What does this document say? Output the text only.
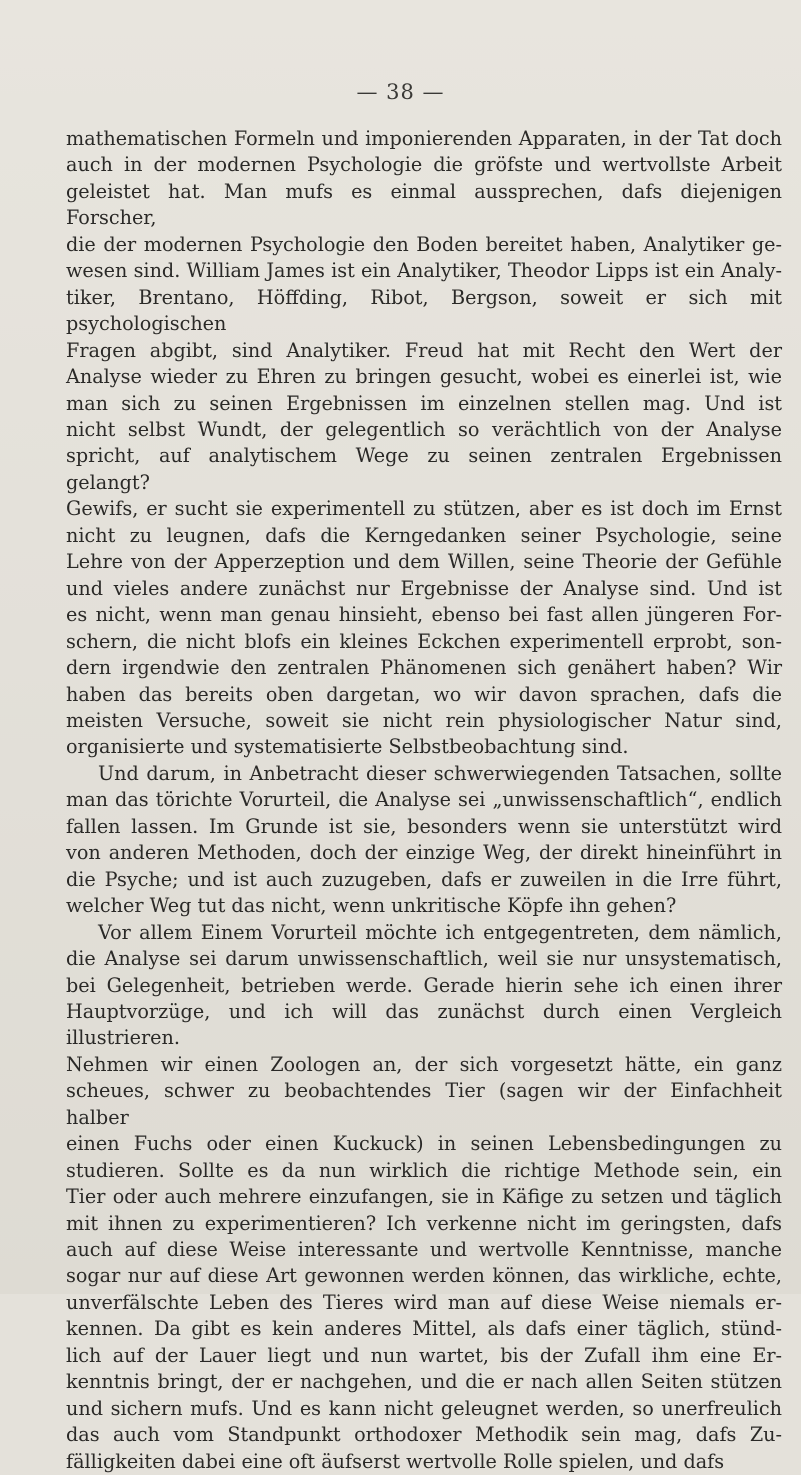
— 38 —

mathematischen Formeln und imponierenden Apparaten, in der Tat doch
auch in der modernen Psychologie die gröfste und wertvollste Arbeit
geleistet hat. Man mufs es einmal aussprechen, dafs diejenigen Forscher,
die der modernen Psychologie den Boden bereitet haben, Analytiker ge-
wesen sind. William James ist ein Analytiker, Theodor Lipps ist ein Analy-
tiker, Brentano, Höffding, Ribot, Bergson, soweit er sich mit psychologischen
Fragen abgibt, sind Analytiker. Freud hat mit Recht den Wert der
Analyse wieder zu Ehren zu bringen gesucht, wobei es einerlei ist, wie
man sich zu seinen Ergebnissen im einzelnen stellen mag. Und ist
nicht selbst Wundt, der gelegentlich so verächtlich von der Analyse
spricht, auf analytischem Wege zu seinen zentralen Ergebnissen gelangt?
Gewifs, er sucht sie experimentell zu stützen, aber es ist doch im Ernst
nicht zu leugnen, dafs die Kerngedanken seiner Psychologie, seine
Lehre von der Apperzeption und dem Willen, seine Theorie der Gefühle
und vieles andere zunächst nur Ergebnisse der Analyse sind. Und ist
es nicht, wenn man genau hinsieht, ebenso bei fast allen jüngeren For-
schern, die nicht blofs ein kleines Eckchen experimentell erprobt, son-
dern irgendwie den zentralen Phänomenen sich genähert haben? Wir
haben das bereits oben dargetan, wo wir davon sprachen, dafs die
meisten Versuche, soweit sie nicht rein physiologischer Natur sind,
organisierte und systematisierte Selbstbeobachtung sind.

Und darum, in Anbetracht dieser schwerwiegenden Tatsachen, sollte
man das törichte Vorurteil, die Analyse sei „unwissenschaftlich“, endlich
fallen lassen. Im Grunde ist sie, besonders wenn sie unterstützt wird
von anderen Methoden, doch der einzige Weg, der direkt hineinführt in
die Psyche; und ist auch zuzugeben, dafs er zuweilen in die Irre führt,
welcher Weg tut das nicht, wenn unkritische Köpfe ihn gehen?

Vor allem Einem Vorurteil möchte ich entgegentreten, dem nämlich,
die Analyse sei darum unwissenschaftlich, weil sie nur unsystematisch,
bei Gelegenheit, betrieben werde. Gerade hierin sehe ich einen ihrer
Hauptvorzüge, und ich will das zunächst durch einen Vergleich illustrieren.
Nehmen wir einen Zoologen an, der sich vorgesetzt hätte, ein ganz
scheues, schwer zu beobachtendes Tier (sagen wir der Einfachheit halber
einen Fuchs oder einen Kuckuck) in seinen Lebensbedingungen zu
studieren. Sollte es da nun wirklich die richtige Methode sein, ein
Tier oder auch mehrere einzufangen, sie in Käfige zu setzen und täglich
mit ihnen zu experimentieren? Ich verkenne nicht im geringsten, dafs
auch auf diese Weise interessante und wertvolle Kenntnisse, manche
sogar nur auf diese Art gewonnen werden können, das wirkliche, echte,
unverfälschte Leben des Tieres wird man auf diese Weise niemals er-
kennen. Da gibt es kein anderes Mittel, als dafs einer täglich, stünd-
lich auf der Lauer liegt und nun wartet, bis der Zufall ihm eine Er-
kenntnis bringt, der er nachgehen, und die er nach allen Seiten stützen
und sichern mufs. Und es kann nicht geleugnet werden, so unerfreulich
das auch vom Standpunkt orthodoxer Methodik sein mag, dafs Zu-
fälligkeiten dabei eine oft äufserst wertvolle Rolle spielen, und dafs
